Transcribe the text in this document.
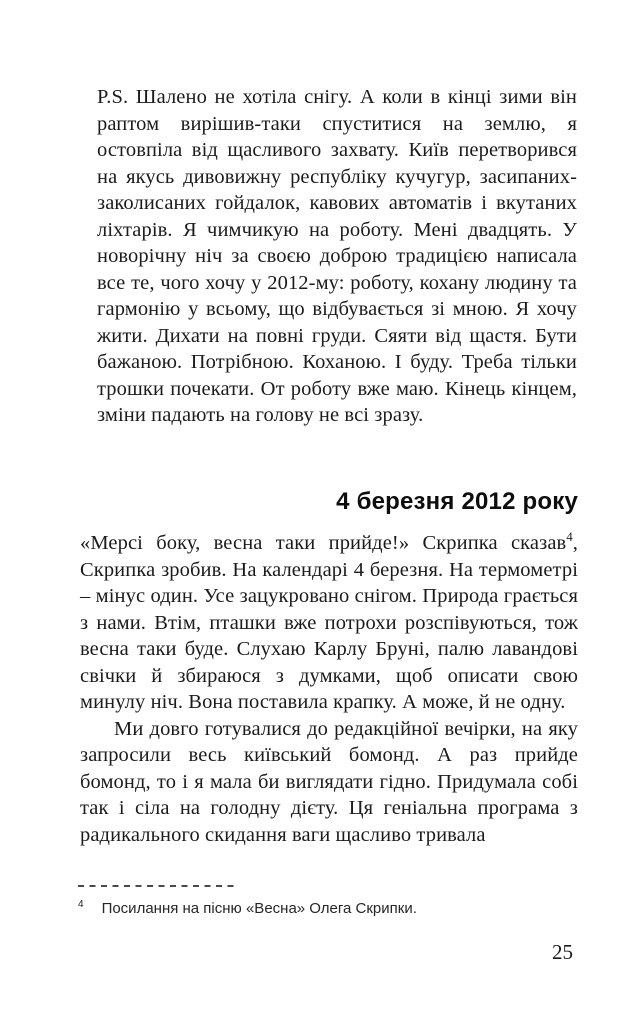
P.S. Шалено не хотіла снігу. А коли в кінці зими він раптом вирішив-таки спуститися на землю, я остовпіла від щасливого захвату. Київ перетворився на якусь дивовижну республіку кучугур, засипаних-заколисаних гойдалок, кавових автоматів і вкутаних ліхтарів. Я чимчикую на роботу. Мені двадцять. У новорічну ніч за своєю доброю традицією написала все те, чого хочу у 2012-му: роботу, кохану людину та гармонію у всьому, що відбувається зі мною. Я хочу жити. Дихати на повні груди. Сяяти від щастя. Бути бажаною. Потрібною. Коханою. І буду. Треба тільки трошки почекати. От роботу вже маю. Кінець кінцем, зміни падають на голову не всі зразу.
4 березня 2012 року

«Мерсі боку, весна таки прийде!» Скрипка сказав$^4$, Скрипка зробив. На календарі 4 березня. На термометрі – мінус один. Усе зацукровано снігом. Природа грається з нами. Втім, пташки вже потрохи розспівуються, тож весна таки буде. Слухаю Карлу Бруні, палю лавандові свічки й збираюся з думками, щоб описати свою минулу ніч. Вона поставила крапку. А може, й не одну.

Ми довго готувалися до редакційної вечірки, на яку запросили весь київський бомонд. А раз прийде бомонд, то і я мала би виглядати гідно. Придумала собі так і сіла на голодну дієту. Ця геніальна програма з радикального скидання ваги щасливо тривала

4 Посилання на пісню «Весна» Олега Скрипки.
25
